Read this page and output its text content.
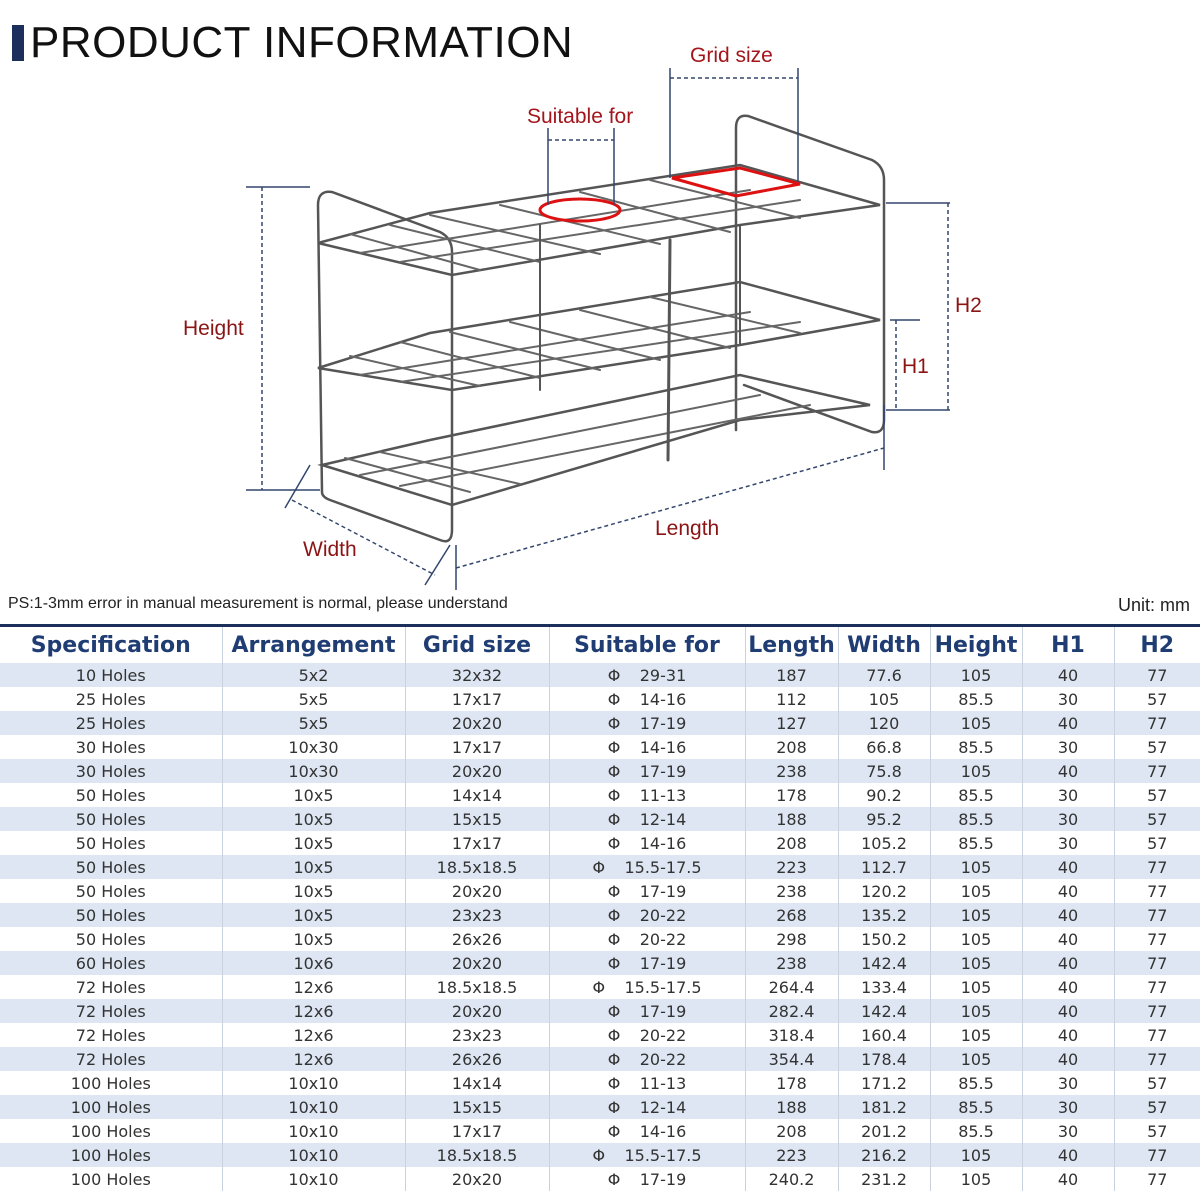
PRODUCT INFORMATION	Grid size
Suitable for
Height
H2
H1
Length
Width
PS:1-3mm error in manual measurement is normal, please understand	Unit: mm
Specification	Arrangement	Grid size	Suitable for	Length	Width	Height	H1	H2
10 Holes	5x2	32x32	Φ 29-31	187	77.6	105	40	77
25 Holes	5x5	17x17	Φ 14-16	112	105	85.5	30	57
25 Holes	5x5	20x20	Φ 17-19	127	120	105	40	77
30 Holes	10x30	17x17	Φ 14-16	208	66.8	85.5	30	57
30 Holes	10x30	20x20	Φ 17-19	238	75.8	105	40	77
50 Holes	10x5	14x14	Φ 11-13	178	90.2	85.5	30	57
50 Holes	10x5	15x15	Φ 12-14	188	95.2	85.5	30	57
50 Holes	10x5	17x17	Φ 14-16	208	105.2	85.5	30	57
50 Holes	10x5	18.5x18.5	Φ 15.5-17.5	223	112.7	105	40	77
50 Holes	10x5	20x20	Φ 17-19	238	120.2	105	40	77
50 Holes	10x5	23x23	Φ 20-22	268	135.2	105	40	77
50 Holes	10x5	26x26	Φ 20-22	298	150.2	105	40	77
60 Holes	10x6	20x20	Φ 17-19	238	142.4	105	40	77
72 Holes	12x6	18.5x18.5	Φ 15.5-17.5	264.4	133.4	105	40	77
72 Holes	12x6	20x20	Φ 17-19	282.4	142.4	105	40	77
72 Holes	12x6	23x23	Φ 20-22	318.4	160.4	105	40	77
72 Holes	12x6	26x26	Φ 20-22	354.4	178.4	105	40	77
100 Holes	10x10	14x14	Φ 11-13	178	171.2	85.5	30	57
100 Holes	10x10	15x15	Φ 12-14	188	181.2	85.5	30	57
100 Holes	10x10	17x17	Φ 14-16	208	201.2	85.5	30	57
100 Holes	10x10	18.5x18.5	Φ 15.5-17.5	223	216.2	105	40	77
100 Holes	10x10	20x20	Φ 17-19	240.2	231.2	105	40	77
